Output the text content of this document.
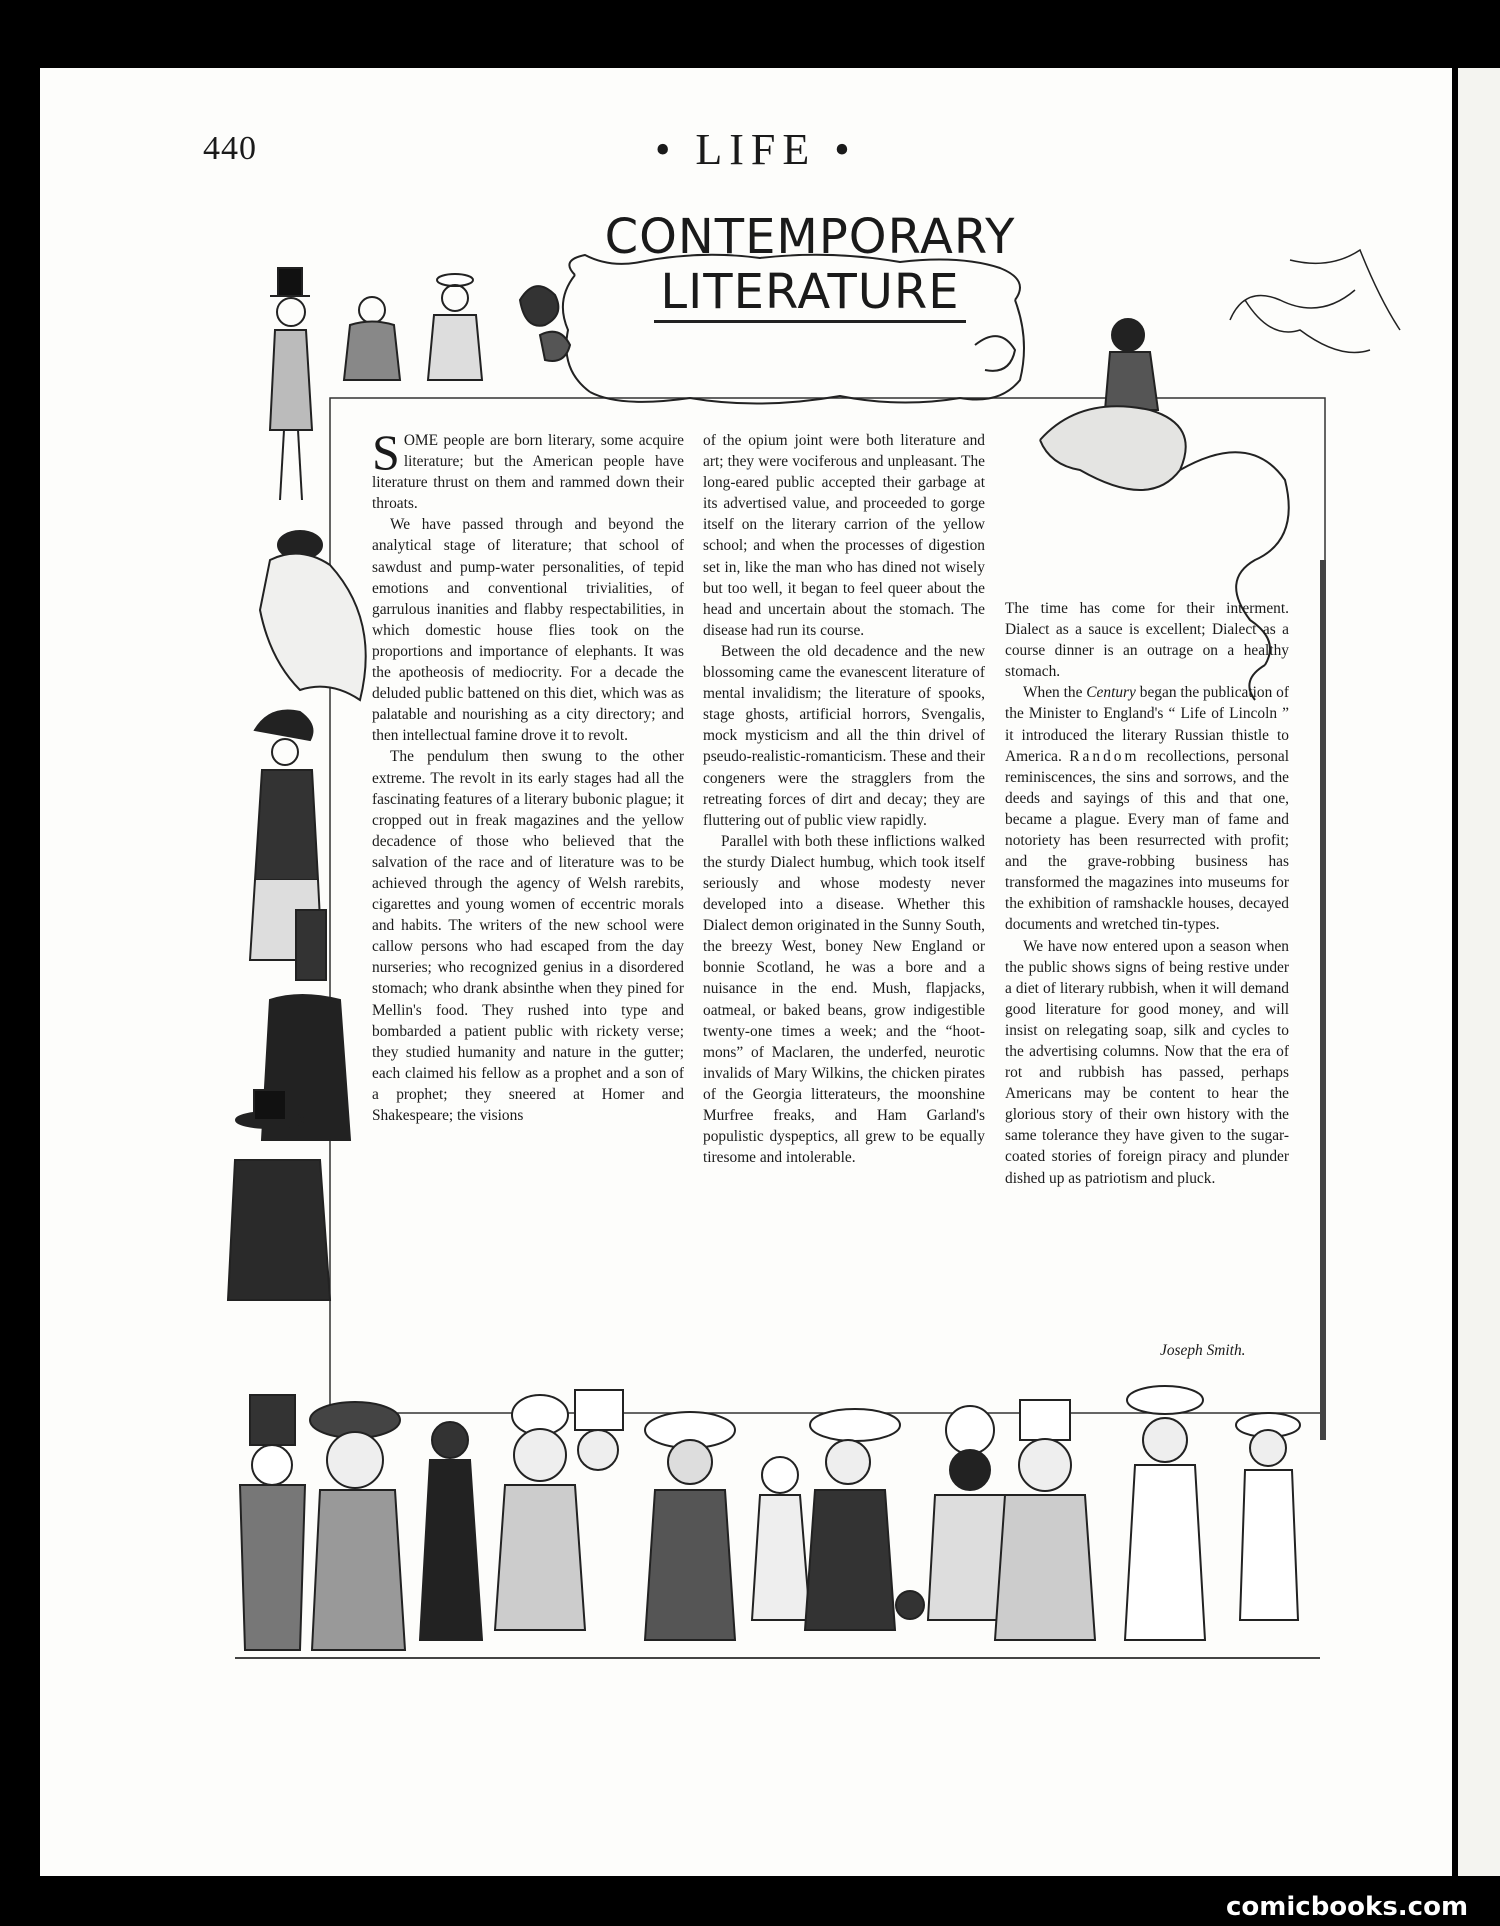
440	• LIFE •
CONTEMPORARY
LITERATURE

SOME people are born literary, some acquire literature; but the American people have literature thrust on them and rammed down their throats.

We have passed through and beyond the analytical stage of literature; that school of sawdust and pump-water personalities, of tepid emotions and conventional trivialities, of garrulous inanities and flabby respectabilities, in which domestic house flies took on the proportions and importance of elephants. It was the apotheosis of mediocrity. For a decade the deluded public battened on this diet, which was as palatable and nourishing as a city directory; and then intellectual famine drove it to revolt.

The pendulum then swung to the other extreme. The revolt in its early stages had all the fascinating features of a literary bubonic plague; it cropped out in freak magazines and the yellow decadence of those who believed that the salvation of the race and of literature was to be achieved through the agency of Welsh rarebits, cigarettes and young women of eccentric morals and habits. The writers of the new school were callow persons who had escaped from the day nurseries; who recognized genius in a disordered stomach; who drank absinthe when they pined for Mellin's food. They rushed into type and bombarded a patient public with rickety verse; they studied humanity and nature in the gutter; each claimed his fellow as a prophet and a son of a prophet; they sneered at Homer and Shakespeare; the visions

of the opium joint were both literature and art; they were vociferous and unpleasant. The long-eared public accepted their garbage at its advertised value, and proceeded to gorge itself on the literary carrion of the yellow school; and when the processes of digestion set in, like the man who has dined not wisely but too well, it began to feel queer about the head and uncertain about the stomach. The disease had run its course.

Between the old decadence and the new blossoming came the evanescent literature of mental invalidism; the literature of spooks, stage ghosts, artificial horrors, Svengalis, mock mysticism and all the thin drivel of pseudo-realistic-romanticism. These and their congeners were the stragglers from the retreating forces of dirt and decay; they are fluttering out of public view rapidly.

Parallel with both these inflictions walked the sturdy Dialect humbug, which took itself seriously and whose modesty never developed into a disease. Whether this Dialect demon originated in the Sunny South, the breezy West, boney New England or bonnie Scotland, he was a bore and a nuisance in the end. Mush, flapjacks, oatmeal, or baked beans, grow indigestible twenty-one times a week; and the “hoot-mons” of Maclaren, the underfed, neurotic invalids of Mary Wilkins, the chicken pirates of the Georgia litterateurs, the moonshine Murfree freaks, and Ham Garland's populistic dyspeptics, all grew to be equally tiresome and intolerable.

The time has come for their interment. Dialect as a sauce is excellent; Dialect as a course dinner is an outrage on a healthy stomach.

When the Century began the publication of the Minister to England's “ Life of Lincoln ” it introduced the literary Russian thistle to America. Random recollections, personal reminiscences, the sins and sorrows, and the deeds and sayings of this and that one, became a plague. Every man of fame and notoriety has been resurrected with profit; and the grave-robbing business has transformed the magazines into museums for the exhibition of ramshackle houses, decayed documents and wretched tin-types.

We have now entered upon a season when the public shows signs of being restive under a diet of literary rubbish, when it will demand good literature for good money, and will insist on relegating soap, silk and cycles to the advertising columns. Now that the era of rot and rubbish has passed, perhaps Americans may be content to hear the glorious story of their own history with the same tolerance they have given to the sugar-coated stories of foreign piracy and plunder dished up as patriotism and pluck.

Joseph Smith.
comicbooks.com
